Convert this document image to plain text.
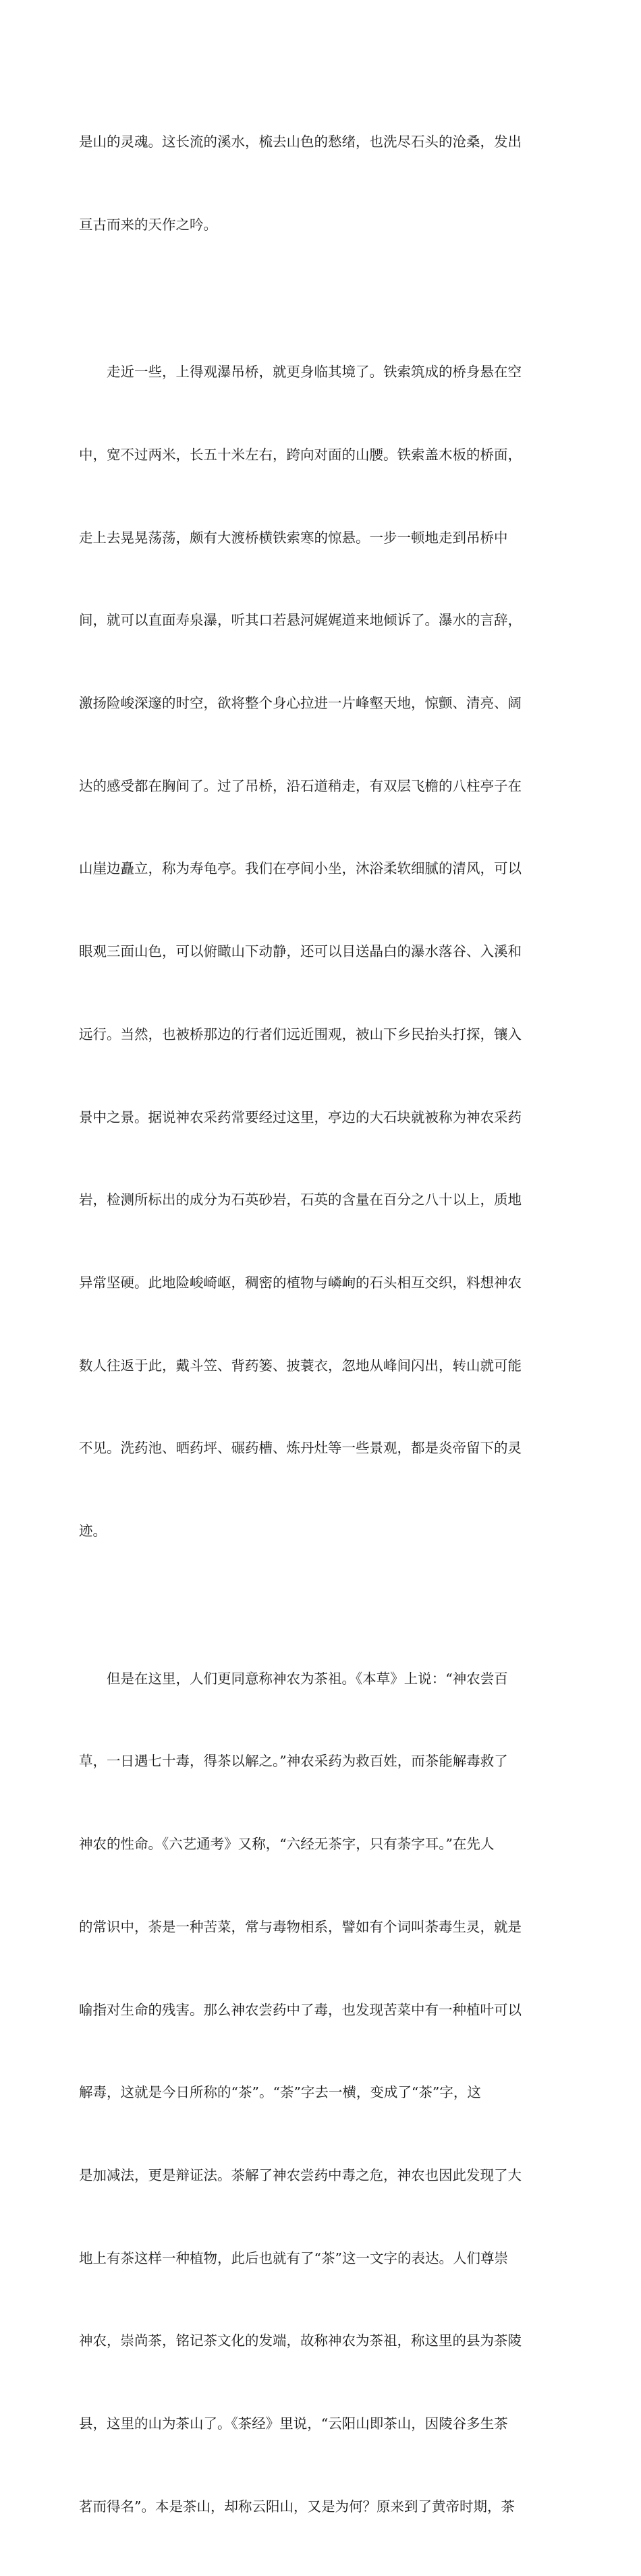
是山的灵魂。这长流的溪水，梳去山色的愁绪，也洗尽石头的沧桑，发出

亘古而来的天作之吟。

　　走近一些，上得观瀑吊桥，就更身临其境了。铁索筑成的桥身悬在空

中，宽不过两米，长五十米左右，跨向对面的山腰。铁索盖木板的桥面，

走上去晃晃荡荡，颇有大渡桥横铁索寒的惊悬。一步一顿地走到吊桥中

间，就可以直面寿泉瀑，听其口若悬河娓娓道来地倾诉了。瀑水的言辞，

激扬险峻深邃的时空，欲将整个身心拉进一片峰壑天地，惊颤、清亮、阔

达的感受都在胸间了。过了吊桥，沿石道稍走，有双层飞檐的八柱亭子在

山崖边矗立，称为寿龟亭。我们在亭间小坐，沐浴柔软细腻的清风，可以

眼观三面山色，可以俯瞰山下动静，还可以目送晶白的瀑水落谷、入溪和

远行。当然，也被桥那边的行者们远近围观，被山下乡民抬头打探，镶入

景中之景。据说神农采药常要经过这里，亭边的大石块就被称为神农采药

岩，检测所标出的成分为石英砂岩，石英的含量在百分之八十以上，质地

异常坚硬。此地险峻崎岖，稠密的植物与嶙峋的石头相互交织，料想神农

数人往返于此，戴斗笠、背药篓、披蓑衣，忽地从峰间闪出，转山就可能

不见。洗药池、晒药坪、碾药槽、炼丹灶等一些景观，都是炎帝留下的灵

迹。

　　但是在这里，人们更同意称神农为茶祖。《本草》上说：“神农尝百

草，一日遇七十毒，得茶以解之。”神农采药为救百姓，而茶能解毒救了

神农的性命。《六艺通考》又称，“六经无茶字，只有荼字耳。”在先人

的常识中，荼是一种苦菜，常与毒物相系，譬如有个词叫荼毒生灵，就是

喻指对生命的残害。那么神农尝药中了毒，也发现苦菜中有一种植叶可以

解毒，这就是今日所称的“茶”。“荼”字去一横，变成了“茶”字，这

是加减法，更是辩证法。茶解了神农尝药中毒之危，神农也因此发现了大

地上有茶这样一种植物，此后也就有了“茶”这一文字的表达。人们尊崇

神农，崇尚茶，铭记茶文化的发端，故称神农为茶祖，称这里的县为茶陵

县，这里的山为茶山了。《茶经》里说，“云阳山即茶山，因陵谷多生茶

茗而得名”。本是茶山，却称云阳山，又是为何？原来到了黄帝时期，茶
